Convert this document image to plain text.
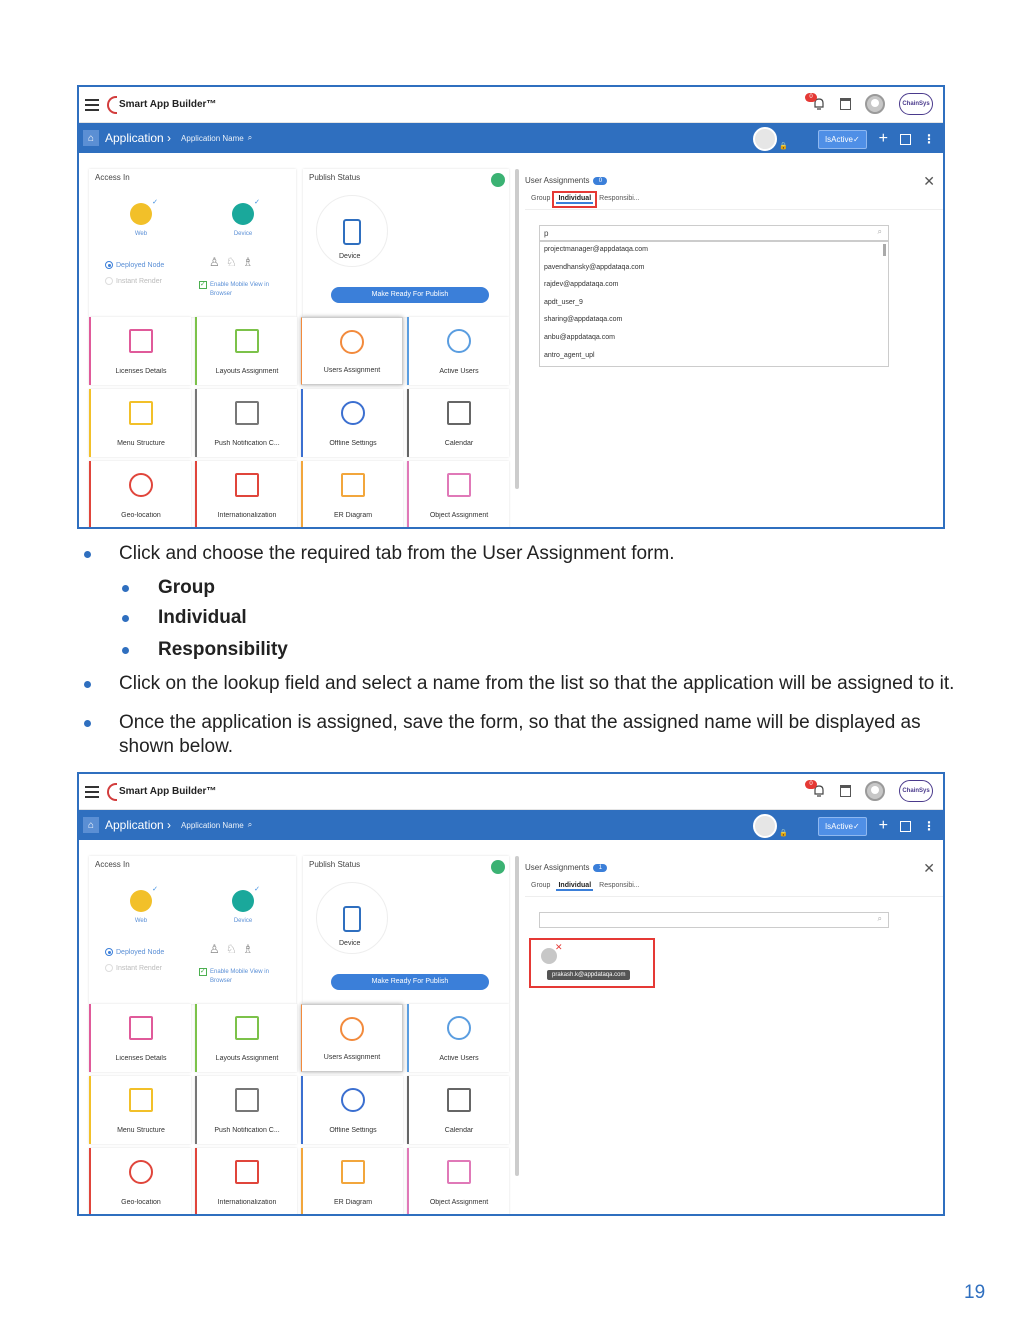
Smart App Builder™
0
ChainSys
⌂ Application › Application Name ⌕
🔒
IsActive✓	+	⋮
Access In
✓
Web
✓	Device
Deployed Node
Instant Render
♙ ♘ ♗
✓ Enable Mobile View in Browser
Publish Status
Device
Make Ready For Publish
Licenses Details	Layouts Assignment	Users Assignment	Active Users
Menu Structure	Push Notification C...	Offline Settings	Calendar
Geo-location	Internationalization	ER Diagram	Object Assignment
User Assignments 0	✕
Group Individual Responsibi...
p	⌕
projectmanager@appdataqa.com
pavendhansky@appdataqa.com
rajdev@appdataqa.com
apdt_user_9
sharing@appdataqa.com
anbu@appdataqa.com
antro_agent_upl
Click and choose the required tab from the User Assignment form.
Group
Individual
Responsibility
Click on the lookup field and select a name from the list so that the application will be assigned to it.
Once the application is assigned, save the form, so that the assigned name will be displayed as
shown below.
Smart App Builder™
0
ChainSys
⌂ Application › Application Name ⌕
🔒
IsActive✓	+	⋮
Access In
✓
Web
✓	Device
Deployed Node
Instant Render
♙ ♘ ♗
✓ Enable Mobile View in Browser
Publish Status
Device
Make Ready For Publish
Licenses Details	Layouts Assignment	Users Assignment	Active Users
Menu Structure	Push Notification C...	Offline Settings	Calendar
Geo-location	Internationalization	ER Diagram	Object Assignment
User Assignments 1	✕
Group Individual Responsibi...
⌕
✕
prakash.k@appdataqa.com
19
